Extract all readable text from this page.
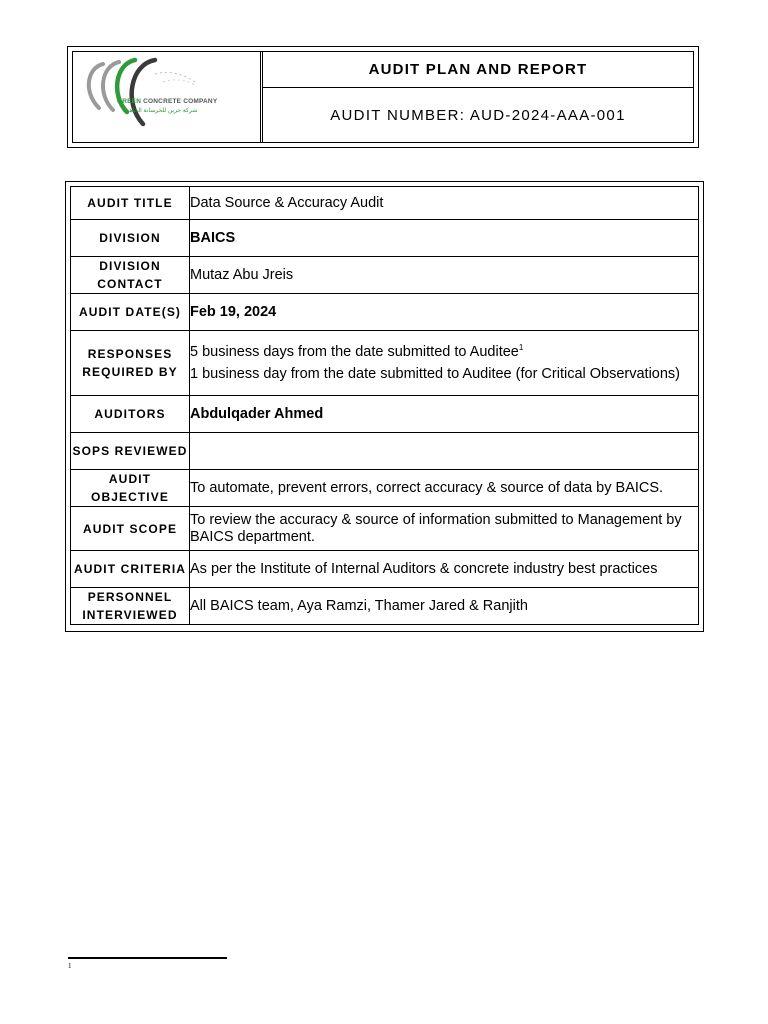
GREEN CONCRETE COMPANY
شركة جرين للخرسانة الجاهزة
AUDIT PLAN AND REPORT
AUDIT NUMBER: AUD-2024-AAA-001
AUDIT TITLE	Data Source & Accuracy Audit
DIVISION	BAICS
DIVISION CONTACT	Mutaz Abu Jreis
AUDIT DATE(S)	Feb 19, 2024
RESPONSES REQUIRED BY	5 business days from the date submitted to Auditee$^1$
1 business day from the date submitted to Auditee (for Critical Observations)

AUDITORS	Abdulqader Ahmed
SOPS REVIEWED	
AUDIT OBJECTIVE	To automate, prevent errors, correct accuracy & source of data by BAICS.
AUDIT SCOPE	To review the accuracy & source of information submitted to Management by BAICS department.
AUDIT CRITERIA	As per the Institute of Internal Auditors & concrete industry best practices
PERSONNEL INTERVIEWED	All BAICS team, Aya Ramzi, Thamer Jared & Ranjith
1
